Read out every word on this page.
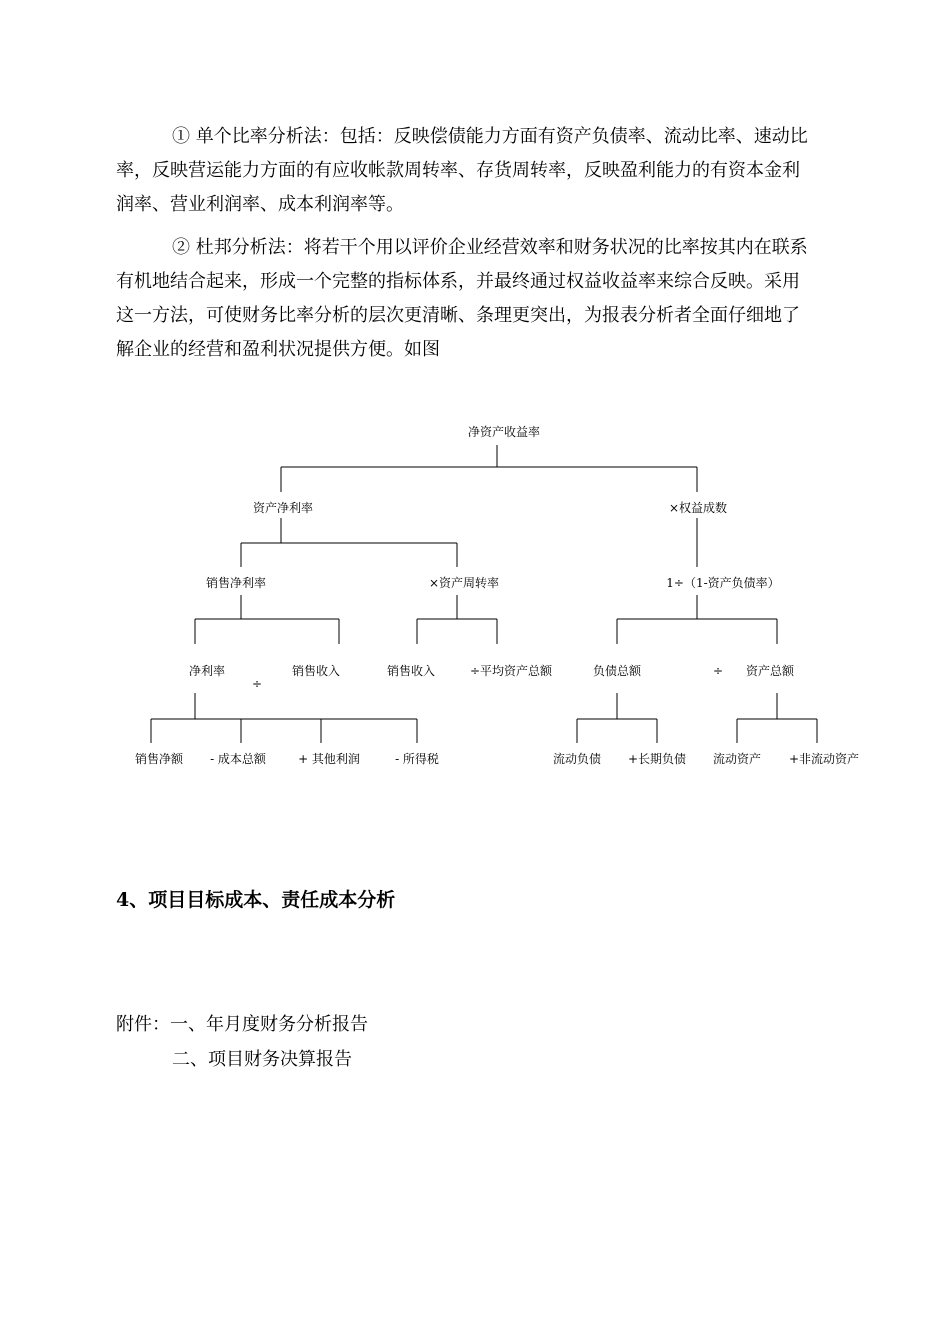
① 单个比率分析法：包括：反映偿债能力方面有资产负债率、流动比率、速动比
率，反映营运能力方面的有应收帐款周转率、存货周转率，反映盈利能力的有资本金利
润率、营业利润率、成本利润率等。

② 杜邦分析法：将若干个用以评价企业经营效率和财务状况的比率按其内在联系
有机地结合起来，形成一个完整的指标体系，并最终通过权益收益率来综合反映。采用
这一方法，可使财务比率分析的层次更清晰、条理更突出，为报表分析者全面仔细地了
解企业的经营和盈利状况提供方便。如图

净资产收益率
资产净利率	×权益成数
销售净利率	×资产周转率	1÷（1-资产负债率）
净利率
÷
销售收入	销售收入	÷平均资产总额	负债总额	÷ 资产总额
销售净额 - 成本总额	+ 其他利润	- 所得税	流动负债 +长期负债 流动资产 +非流动资产
4、项目目标成本、责任成本分析

附件：一、年月度财务分析报告

二、项目财务决算报告
